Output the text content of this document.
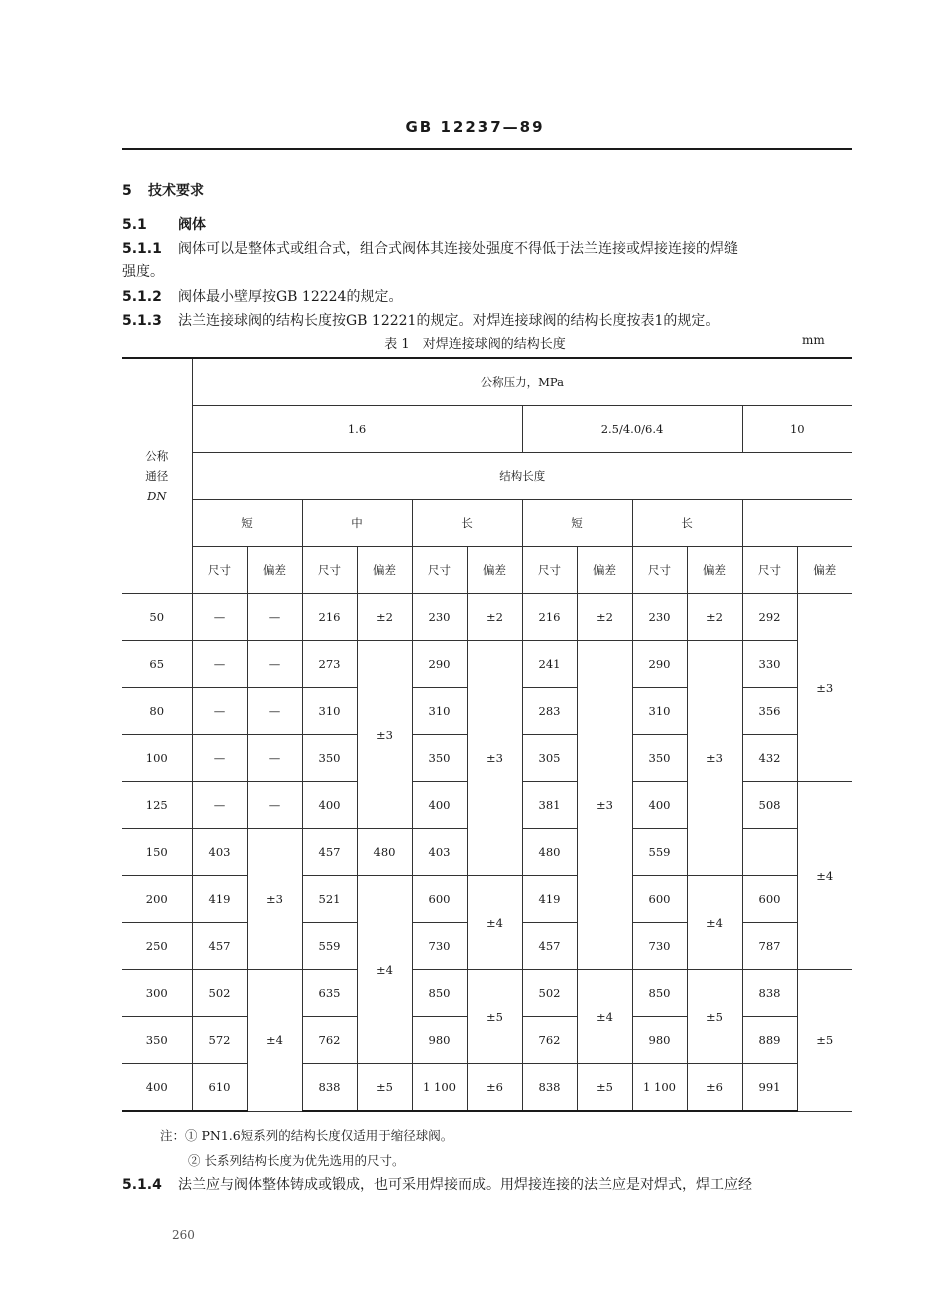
GB 12237—89
5 技术要求
5.1 阀体
5.1.1 阀体可以是整体式或组合式，组合式阀体其连接处强度不得低于法兰连接或焊接连接的焊缝
强度。
5.1.2 阀体最小壁厚按GB 12224的规定。
5.1.3 法兰连接球阀的结构长度按GB 12221的规定。对焊连接球阀的结构长度按表1的规定。
表 1　对焊连接球阀的结构长度	mm
公称
通径
DN	公称压力，MPa											
	1.6						2.5/4.0/6.4				10	
	结构长度											
	短		中		长		短		长			
	尺寸	偏差	尺寸	偏差	尺寸	偏差	尺寸	偏差	尺寸	偏差	尺寸	偏差
50	—	—	216	±2	230	±2	216	±2	230	±2	292	±3
65	—	—	273	±3	290	±3	241	±3	290	±3	330	
80	—	—	310		310		283		310		356	
100	—	—	350		350		305		350		432	
125	—	—	400		400		381		400		508	±4
150	403	±3	457	480	403		480		559			
200	419		521	±4	600	±4	419		600	±4	600	
250	457		559		730		457		730		787	
300	502	±4	635		850	±5	502	±4	850	±5	838	±5
350	572		762		980		762		980		889	
400	610		838	±5	1 100	±6	838	±5	1 100	±6	991	
注：① PN1.6短系列的结构长度仅适用于缩径球阀。
② 长系列结构长度为优先选用的尺寸。
5.1.4 法兰应与阀体整体铸成或锻成，也可采用焊接而成。用焊接连接的法兰应是对焊式，焊工应经
260
